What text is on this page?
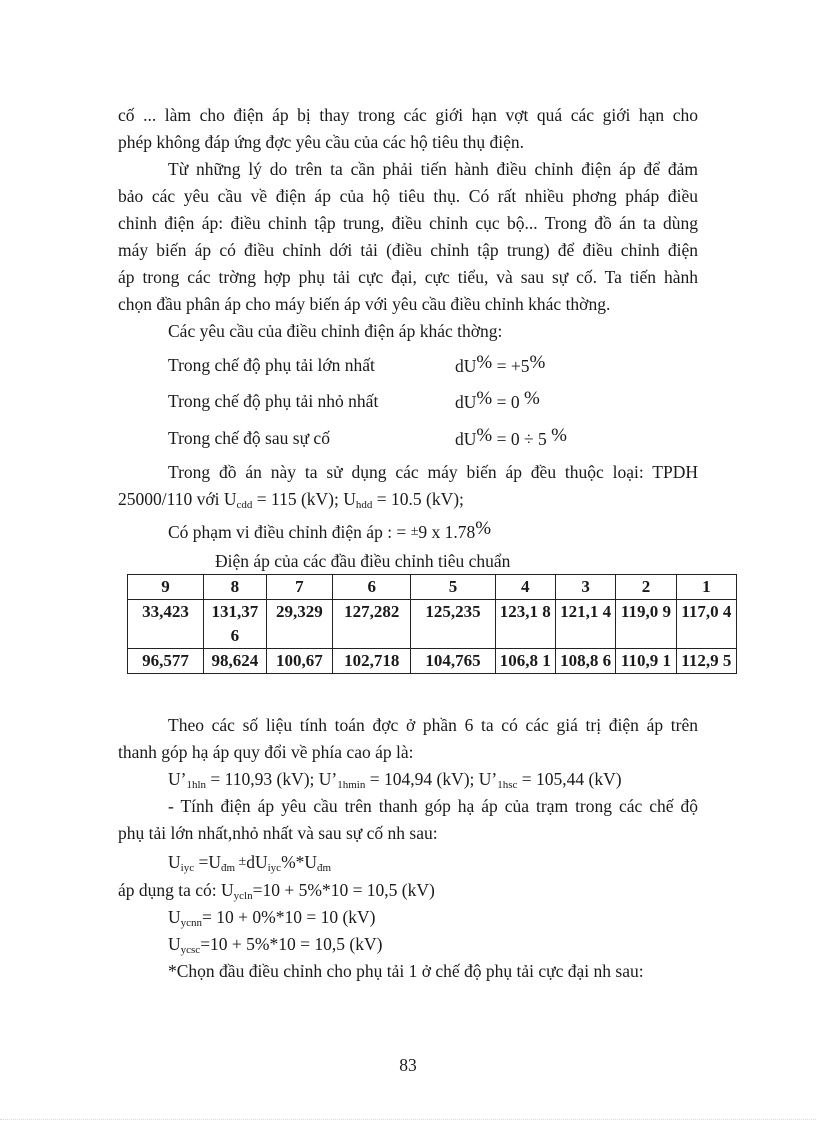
cố ... làm cho điện áp bị thay trong các giới hạn vợt quá các giới hạn cho

phép không đáp ứng đợc yêu cầu của các hộ tiêu thụ điện.

Từ những lý do trên ta cần phải tiến hành điều chỉnh điện áp để đảm

bảo các yêu cầu về điện áp của hộ tiêu thụ. Có rất nhiều phơng pháp điều

chỉnh điện áp: điều chỉnh tập trung, điều chỉnh cục bộ... Trong đồ án ta dùng

máy biến áp có điều chỉnh dới tải (điều chỉnh tập trung) để điều chỉnh điện

áp trong các trờng hợp phụ tải cực đại, cực tiểu, và sau sự cố. Ta tiến hành

chọn đầu phân áp cho máy biến áp với yêu cầu điều chỉnh khác thờng.

Các yêu cầu của điều chỉnh điện áp khác thờng:

Trong chế độ phụ tải lớn nhất	dU% = +5%
Trong chế độ phụ tải nhỏ nhất	dU% = 0 %
Trong chế độ sau sự cố	dU% = 0 ÷ 5 %

Trong đồ án này ta sử dụng các máy biến áp đều thuộc loại: TPDH

25000/110 với $U_{cdd} = 115$ (kV); $U_{hdd} = 10.5$ (kV);

Có phạm vi điều chỉnh điện áp : = ±9 x 1.78%

Điện áp của các đầu điều chỉnh tiêu chuẩn
9	8	7	6	5	4	3	2	1
33,423	131,37 6	29,329	127,282	125,235	123,1 8	121,1 4	119,0 9	117,0 4
96,577	98,624	100,67	102,718	104,765	106,8 1	108,8 6	110,9 1	112,9 5

Theo các số liệu tính toán đợc ở phần 6 ta có các giá trị điện áp trên

thanh góp hạ áp quy đổi về phía cao áp là:

$U’_{1hln} = 110,93$ (kV); $U’_{1hmin} = 104,94$ (kV); $U’_{1hsc} = 105,44$ (kV)

- Tính điện áp yêu cầu trên thanh góp hạ áp của trạm trong các chế độ

phụ tải lớn nhất,nhỏ nhất và sau sự cố nh sau:

$U_{iyc} =U_{đm} \pm dU_{iyc}\%*U_{đm}$

áp dụng ta có: $U_{ycln}=10 + 5\%*10 = 10,5$ (kV)

$U_{ycnn}= 10 + 0\%*10 = 10$ (kV)

$U_{ycsc}=10 + 5\%*10 = 10,5$ (kV)

*Chọn đầu điều chỉnh cho phụ tải 1 ở chế độ phụ tải cực đại nh sau:

83
